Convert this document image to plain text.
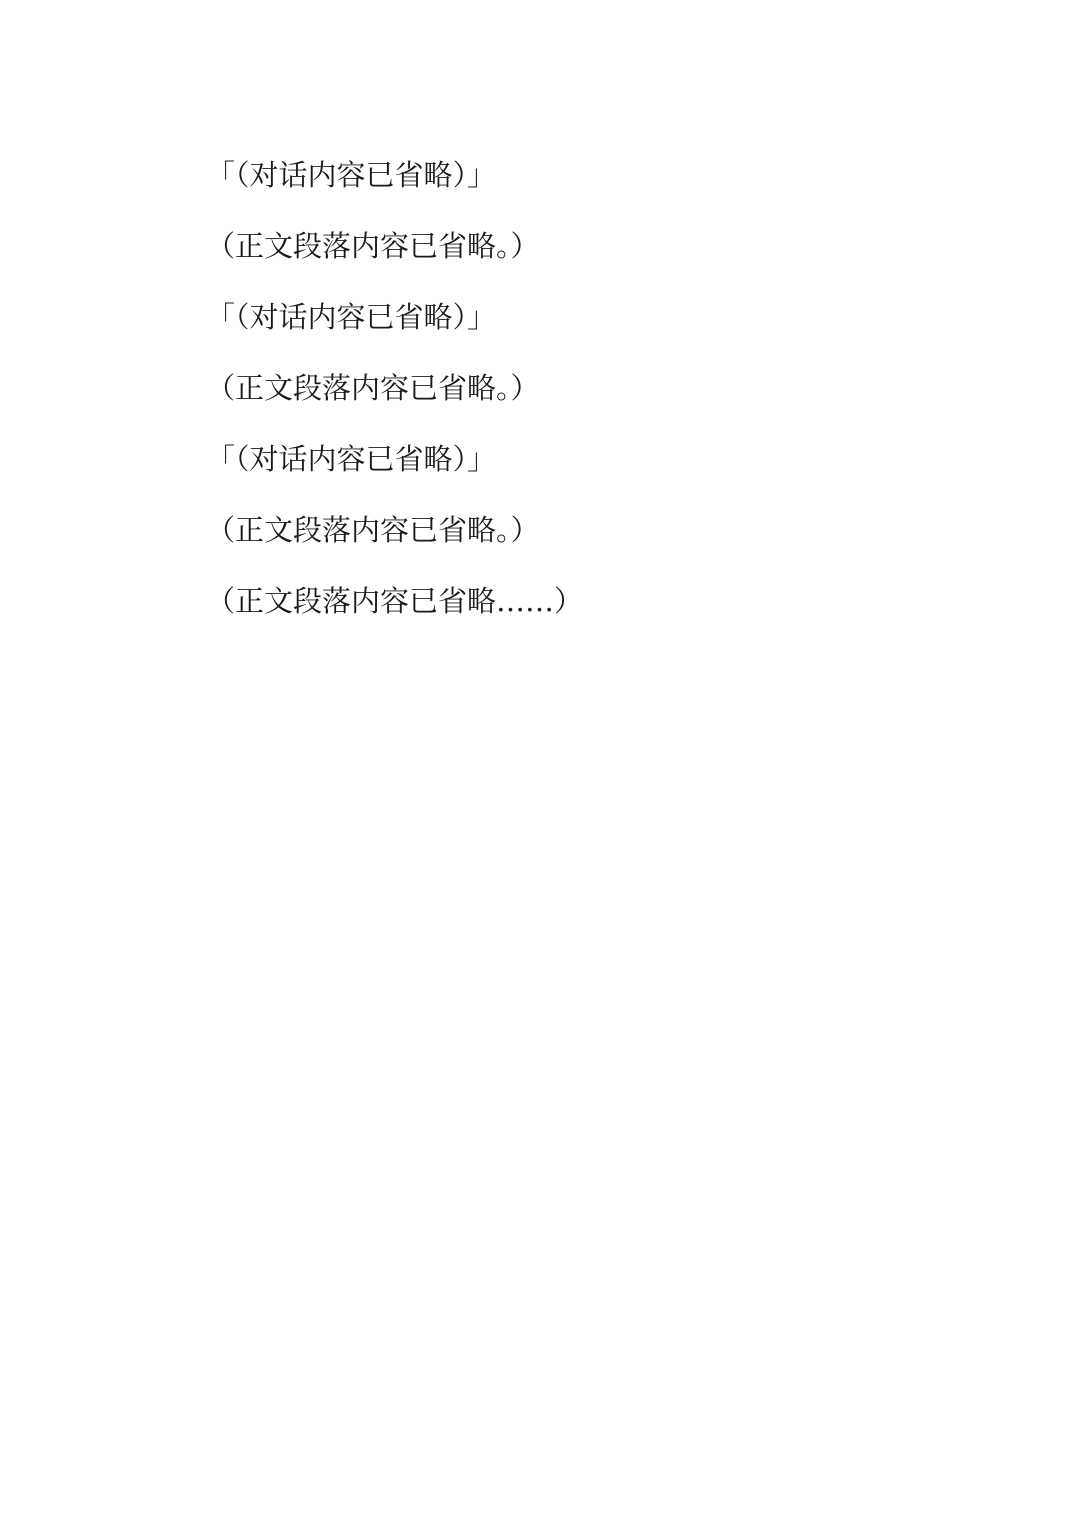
「（对话内容已省略）」

（正文段落内容已省略。）

「（对话内容已省略）」

（正文段落内容已省略。）

「（对话内容已省略）」

（正文段落内容已省略。）

（正文段落内容已省略……）
